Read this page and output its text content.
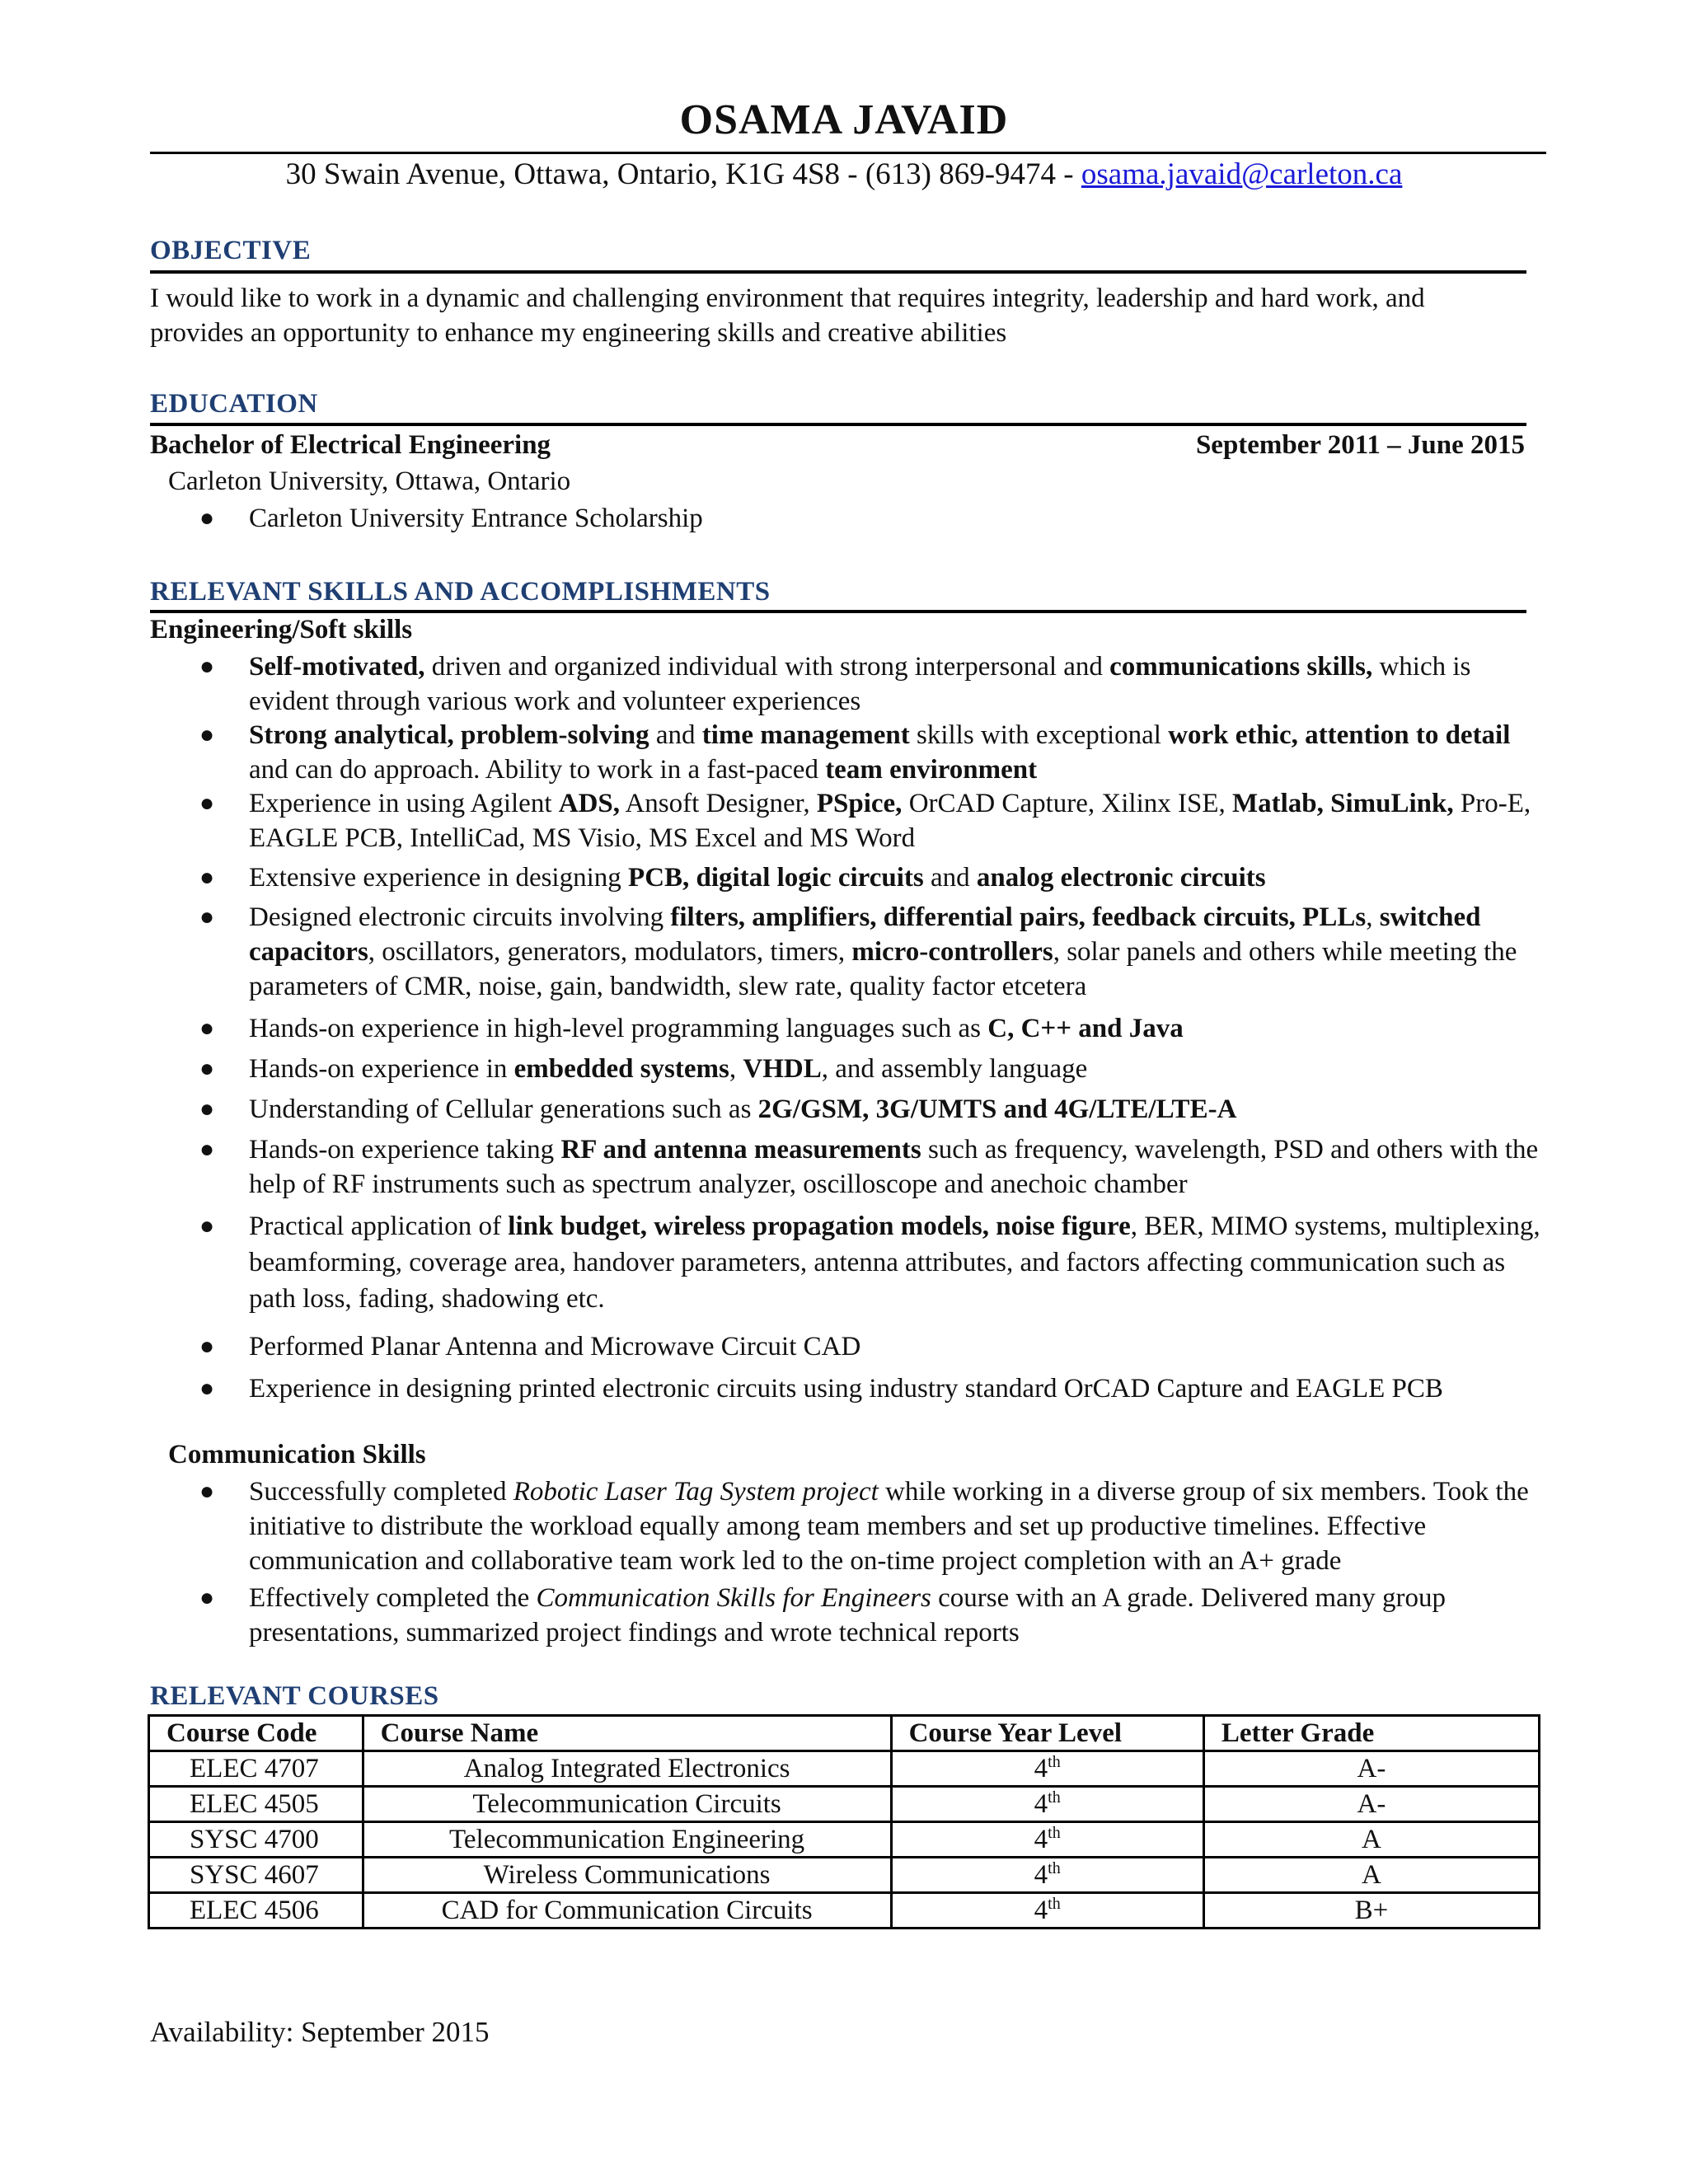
OSAMA JAVAID
30 Swain Avenue, Ottawa, Ontario, K1G 4S8 - (613) 869-9474 - osama.javaid@carleton.ca
OBJECTIVE
I would like to work in a dynamic and challenging environment that requires integrity, leadership and hard work, and
provides an opportunity to enhance my engineering skills and creative abilities
EDUCATION
Bachelor of Electrical Engineering	September 2011 – June 2015
Carleton University, Ottawa, Ontario
● Carleton University Entrance Scholarship
RELEVANT SKILLS AND ACCOMPLISHMENTS
Engineering/Soft skills
● Self-motivated, driven and organized individual with strong interpersonal and communications skills, which is evident through various work and volunteer experiences
● Strong analytical, problem-solving and time management skills with exceptional work ethic, attention to detail and can do approach. Ability to work in a fast-paced team environment
● Experience in using Agilent ADS, Ansoft Designer, PSpice, OrCAD Capture, Xilinx ISE, Matlab, SimuLink, Pro-E, EAGLE PCB, IntelliCad, MS Visio, MS Excel and MS Word
● Extensive experience in designing PCB, digital logic circuits and analog electronic circuits
● Designed electronic circuits involving filters, amplifiers, differential pairs, feedback circuits, PLLs, switched capacitors, oscillators, generators, modulators, timers, micro-controllers, solar panels and others while meeting the parameters of CMR, noise, gain, bandwidth, slew rate, quality factor etcetera
● Hands-on experience in high-level programming languages such as C, C++ and Java
● Hands-on experience in embedded systems, VHDL, and assembly language
● Understanding of Cellular generations such as 2G/GSM, 3G/UMTS and 4G/LTE/LTE-A
● Hands-on experience taking RF and antenna measurements such as frequency, wavelength, PSD and others with the help of RF instruments such as spectrum analyzer, oscilloscope and anechoic chamber
● Practical application of link budget, wireless propagation models, noise figure, BER, MIMO systems, multiplexing, beamforming, coverage area, handover parameters, antenna attributes, and factors affecting communication such as path loss, fading, shadowing etc.
● Performed Planar Antenna and Microwave Circuit CAD
● Experience in designing printed electronic circuits using industry standard OrCAD Capture and EAGLE PCB
Communication Skills
● Successfully completed Robotic Laser Tag System project while working in a diverse group of six members. Took the initiative to distribute the workload equally among team members and set up productive timelines. Effective communication and collaborative team work led to the on-time project completion with an A+ grade
● Effectively completed the Communication Skills for Engineers course with an A grade. Delivered many group presentations, summarized project findings and wrote technical reports
RELEVANT COURSES
Course Code	Course Name	Course Year Level	Letter Grade
ELEC 4707	Analog Integrated Electronics	4th	A-
ELEC 4505	Telecommunication Circuits	4th	A-
SYSC 4700	Telecommunication Engineering	4th	A
SYSC 4607	Wireless Communications	4th	A
ELEC 4506	CAD for Communication Circuits	4th	B+
Availability: September 2015
